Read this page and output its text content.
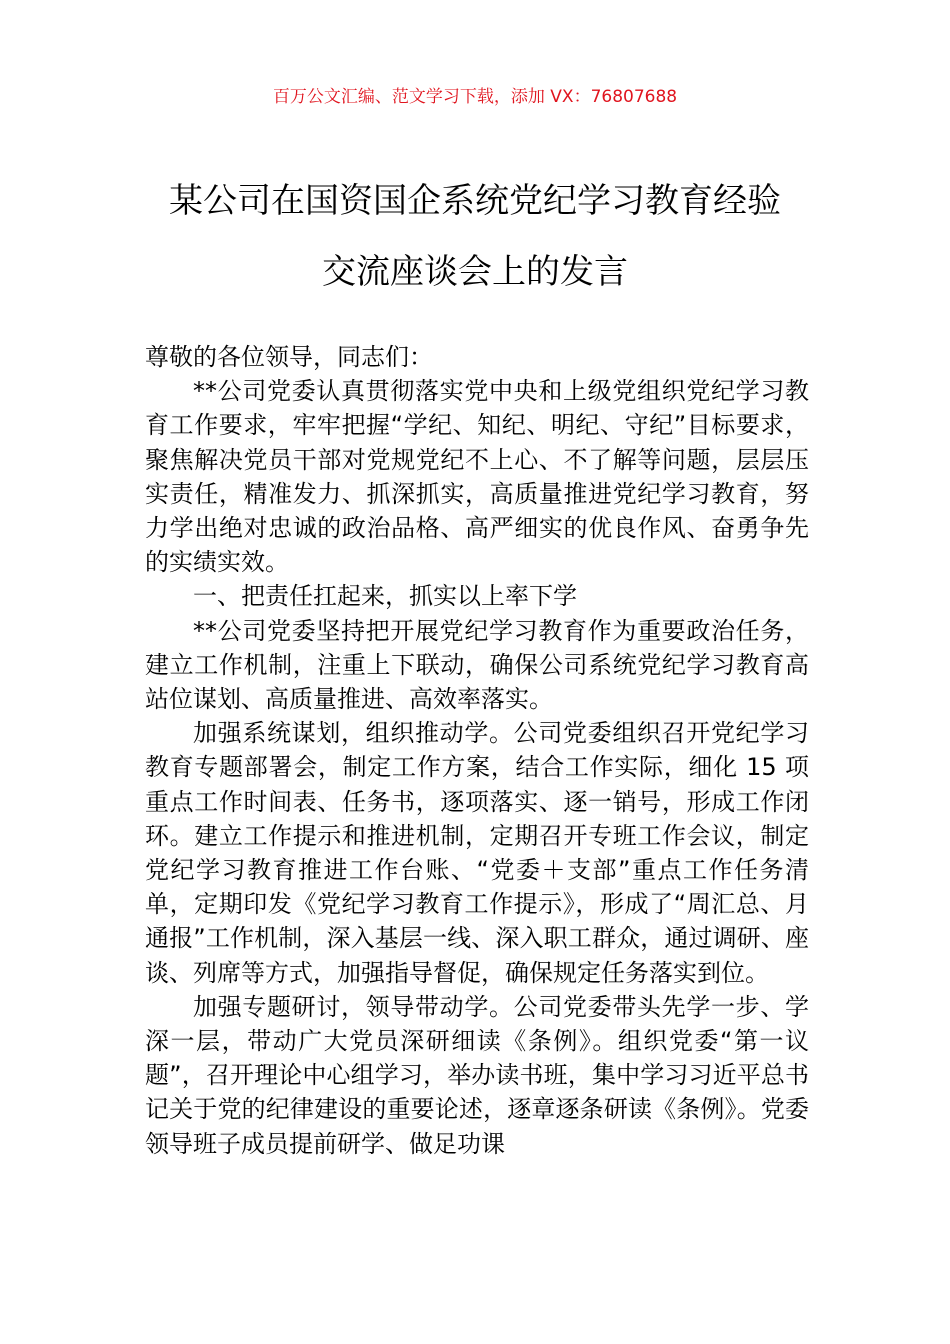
百万公文汇编、范文学习下载，添加 VX：76807688
某公司在国资国企系统党纪学习教育经验
交流座谈会上的发言

尊敬的各位领导，同志们：

**公司党委认真贯彻落实党中央和上级党组织党纪学习教育工作要求，牢牢把握“学纪、知纪、明纪、守纪”目标要求，聚焦解决党员干部对党规党纪不上心、不了解等问题，层层压实责任，精准发力、抓深抓实，高质量推进党纪学习教育，努力学出绝对忠诚的政治品格、高严细实的优良作风、奋勇争先的实绩实效。

一、把责任扛起来，抓实以上率下学

**公司党委坚持把开展党纪学习教育作为重要政治任务，建立工作机制，注重上下联动，确保公司系统党纪学习教育高站位谋划、高质量推进、高效率落实。

加强系统谋划，组织推动学。公司党委组织召开党纪学习教育专题部署会，制定工作方案，结合工作实际，细化 15 项重点工作时间表、任务书，逐项落实、逐一销号，形成工作闭环。建立工作提示和推进机制，定期召开专班工作会议，制定党纪学习教育推进工作台账、“党委＋支部”重点工作任务清单，定期印发《党纪学习教育工作提示》，形成了“周汇总、月通报”工作机制，深入基层一线、深入职工群众，通过调研、座谈、列席等方式，加强指导督促，确保规定任务落实到位。

加强专题研讨，领导带动学。公司党委带头先学一步、学深一层，带动广大党员深研细读《条例》。组织党委“第一议题”，召开理论中心组学习，举办读书班，集中学习习近平总书记关于党的纪律建设的重要论述，逐章逐条研读《条例》。党委领导班子成员提前研学、做足功课
